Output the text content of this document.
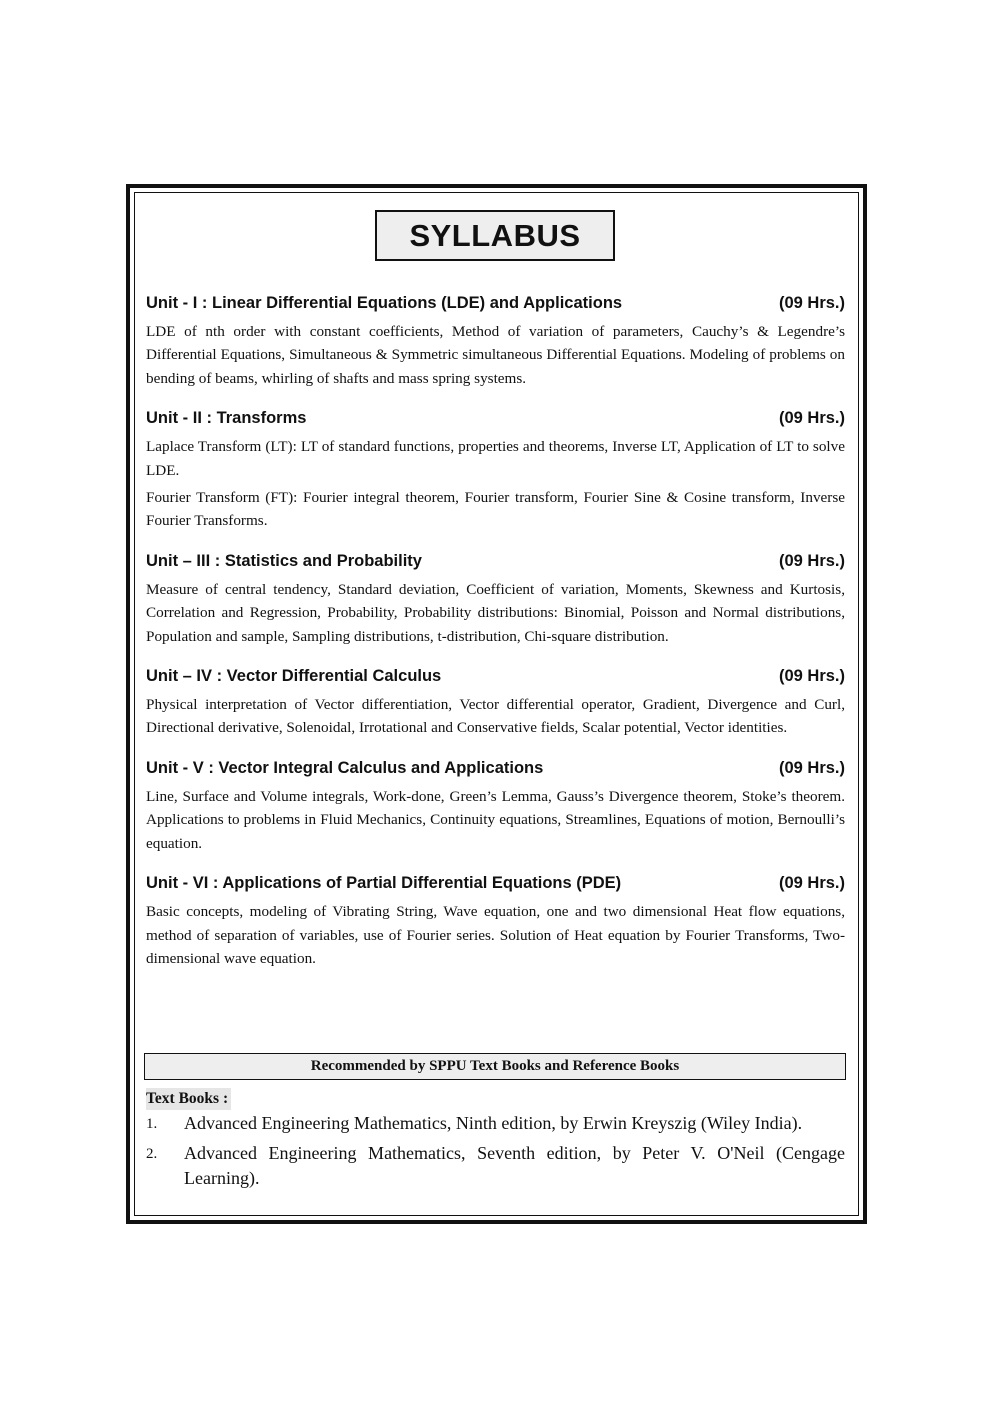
SYLLABUS
Unit - I : Linear Differential Equations (LDE) and Applications	(09 Hrs.)

LDE of nth order with constant coefficients, Method of variation of parameters, Cauchy’s & Legendre’s Differential Equations, Simultaneous & Symmetric simultaneous Differential Equations. Modeling of problems on bending of beams, whirling of shafts and mass spring systems.

Unit - II : Transforms	(09 Hrs.)

Laplace Transform (LT): LT of standard functions, properties and theorems, Inverse LT, Application of LT to solve LDE.

Fourier Transform (FT): Fourier integral theorem, Fourier transform, Fourier Sine & Cosine transform, Inverse Fourier Transforms.

Unit – III : Statistics and Probability	(09 Hrs.)

Measure of central tendency, Standard deviation, Coefficient of variation, Moments, Skewness and Kurtosis, Correlation and Regression, Probability, Probability distributions: Binomial, Poisson and Normal distributions, Population and sample, Sampling distributions, t-distribution, Chi-square distribution.

Unit – IV : Vector Differential Calculus	(09 Hrs.)

Physical interpretation of Vector differentiation, Vector differential operator, Gradient, Divergence and Curl, Directional derivative, Solenoidal, Irrotational and Conservative fields, Scalar potential, Vector identities.

Unit - V : Vector Integral Calculus and Applications	(09 Hrs.)

Line, Surface and Volume integrals, Work-done, Green’s Lemma, Gauss’s Divergence theorem, Stoke’s theorem. Applications to problems in Fluid Mechanics, Continuity equations, Streamlines, Equations of motion, Bernoulli’s equation.

Unit - VI : Applications of Partial Differential Equations (PDE)	(09 Hrs.)

Basic concepts, modeling of Vibrating String, Wave equation, one and two dimensional Heat flow equations, method of separation of variables, use of Fourier series. Solution of Heat equation by Fourier Transforms, Two-dimensional wave equation.

Recommended by SPPU Text Books and Reference Books
Text Books :
1.	Advanced Engineering Mathematics, Ninth edition, by Erwin Kreyszig (Wiley India).
2.	Advanced Engineering Mathematics, Seventh edition, by Peter V. O'Neil (Cengage Learning).
